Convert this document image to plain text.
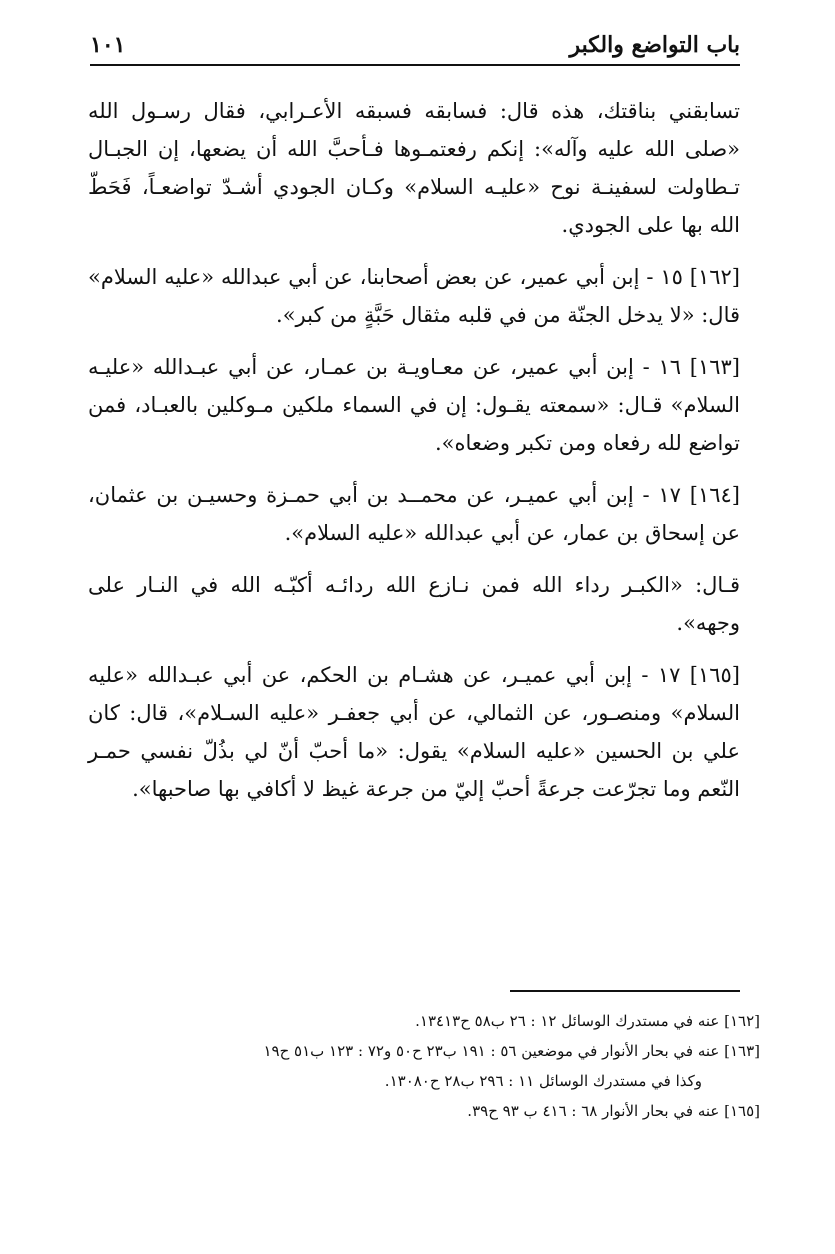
باب التواضع والكبر
١٠١

تسابقني بناقتك، هذه قال: فسابقه فسبقه الأعـرابي، فقال رسـول الله «صلى الله عليه وآله»: إنكم رفعتمـوها فـأحبَّ الله أن يضعها، إن الجبـال تـطاولت لسفينـة نوح «عليـه السلام» وكـان الجودي أشـدّ تواضعـاً، فَحَطّ الله بها على الجودي.

[١٦٢] ١٥ - إبن أبي عمير، عن بعض أصحابنا، عن أبي عبدالله «عليه السلام» قال: «لا يدخل الجنّة من في قلبه مثقال حَبَّةٍ من كبر».

[١٦٣] ١٦ - إبن أبي عمير، عن معـاويـة بن عمـار، عن أبي عبـدالله «عليـه السلام» قـال: «سمعته يقـول: إن في السماء ملكين مـوكلين بالعبـاد، فمن تواضع لله رفعاه ومن تكبر وضعاه».

[١٦٤] ١٧ - إبن أبي عميـر، عن محمــد بن أبي حمـزة وحسيـن بن عثمان، عن إسحاق بن عمار، عن أبي عبدالله «عليه السلام».

قـال: «الكبـر رداء الله فمن نـازع الله ردائـه أكبّـه الله في النـار على وجهه».

[١٦٥] ١٧ - إبن أبي عميـر، عن هشـام بن الحكم، عن أبي عبـدالله «عليه السلام» ومنصـور، عن الثمالي، عن أبي جعفـر «عليه السـلام»، قال: كان علي بن الحسين «عليه السلام» يقول: «ما أحبّ أنّ لي بذُلّ نفسي حمـر النّعم وما تجرّعت جرعةً أحبّ إليّ من جرعة غيظ لا أكافي بها صاحبها».

[١٦٢] عنه في مستدرك الوسائل ١٢ : ٢٦ ب٥٨ ح١٣٤١٣.

[١٦٣] عنه في بحار الأنوار في موضعين ٥٦ : ١٩١ ب٢٣ ح٥٠ و٧٢ : ١٢٣ ب٥١ ح١٩

وكذا في مستدرك الوسائل ١١ : ٢٩٦ ب٢٨ ح١٣٠٨٠.

[١٦٥] عنه في بحار الأنوار ٦٨ : ٤١٦ ب ٩٣ ح٣٩.
